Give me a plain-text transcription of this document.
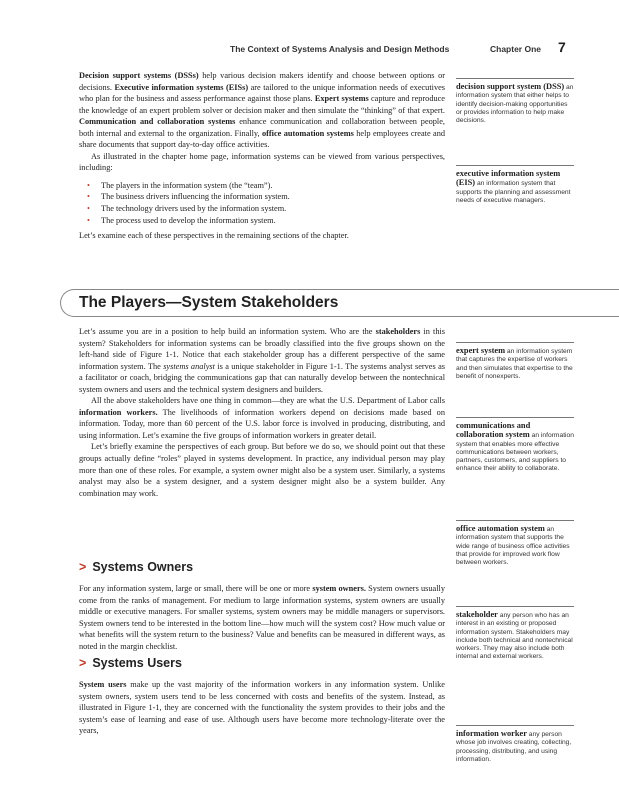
The Context of Systems Analysis and Design Methods	Chapter One 7

Decision support systems (DSSs) help various decision makers identify and choose between options or decisions. Executive information systems (EISs) are tailored to the unique information needs of executives who plan for the business and assess performance against those plans. Expert systems capture and reproduce the knowledge of an expert problem solver or decision maker and then simulate the “thinking” of that expert. Communication and collaboration systems enhance communication and collaboration between people, both internal and external to the organization. Finally, office automation systems help employees create and share documents that support day-to-day office activities.

As illustrated in the chapter home page, information systems can be viewed from various perspectives, including:

• The players in the information system (the “team”).
• The business drivers influencing the information system.
• The technology drivers used by the information system.
• The process used to develop the information system.

Let’s examine each of these perspectives in the remaining sections of the chapter.

The Players—System Stakeholders

Let’s assume you are in a position to help build an information system. Who are the stakeholders in this system? Stakeholders for information systems can be broadly classified into the five groups shown on the left-hand side of Figure 1-1. Notice that each stakeholder group has a different perspective of the same information system. The systems analyst is a unique stakeholder in Figure 1-1. The systems analyst serves as a facilitator or coach, bridging the communications gap that can naturally develop between the nontechnical system owners and users and the technical system designers and builders.

All the above stakeholders have one thing in common—they are what the U.S. Department of Labor calls information workers. The livelihoods of information workers depend on decisions made based on information. Today, more than 60 percent of the U.S. labor force is involved in producing, distributing, and using information. Let’s examine the five groups of information workers in greater detail.

Let’s briefly examine the perspectives of each group. But before we do so, we should point out that these groups actually define “roles” played in systems development. In practice, any individual person may play more than one of these roles. For example, a system owner might also be a system user. Similarly, a systems analyst may also be a system designer, and a system designer might also be a system builder. Any combination may work.

> Systems Owners

For any information system, large or small, there will be one or more system owners. System owners usually come from the ranks of management. For medium to large information systems, system owners are usually middle or executive managers. For smaller systems, system owners may be middle managers or supervisors. System owners tend to be interested in the bottom line—how much will the system cost? How much value or what benefits will the system return to the business? Value and benefits can be measured in different ways, as noted in the margin checklist.

> Systems Users

System users make up the vast majority of the information workers in any information system. Unlike system owners, system users tend to be less concerned with costs and benefits of the system. Instead, as illustrated in Figure 1-1, they are concerned with the functionality the system provides to their jobs and the system’s ease of learning and ease of use. Although users have become more technology-literate over the years,

decision support system (DSS) an information system that either helps to identify decision-making opportunities or provides information to help make decisions.
executive information system (EIS) an information system that supports the planning and assessment needs of executive managers.
expert system an information system that captures the expertise of workers and then simulates that expertise to the benefit of nonexperts.
communications and collaboration system an information system that enables more effective communications between workers, partners, customers, and suppliers to enhance their ability to collaborate.
office automation system an information system that supports the wide range of business office activities that provide for improved work flow between workers.
stakeholder any person who has an interest in an existing or proposed information system. Stakeholders may include both technical and nontechnical workers. They may also include both internal and external workers.
information worker any person whose job involves creating, collecting, processing, distributing, and using information.
